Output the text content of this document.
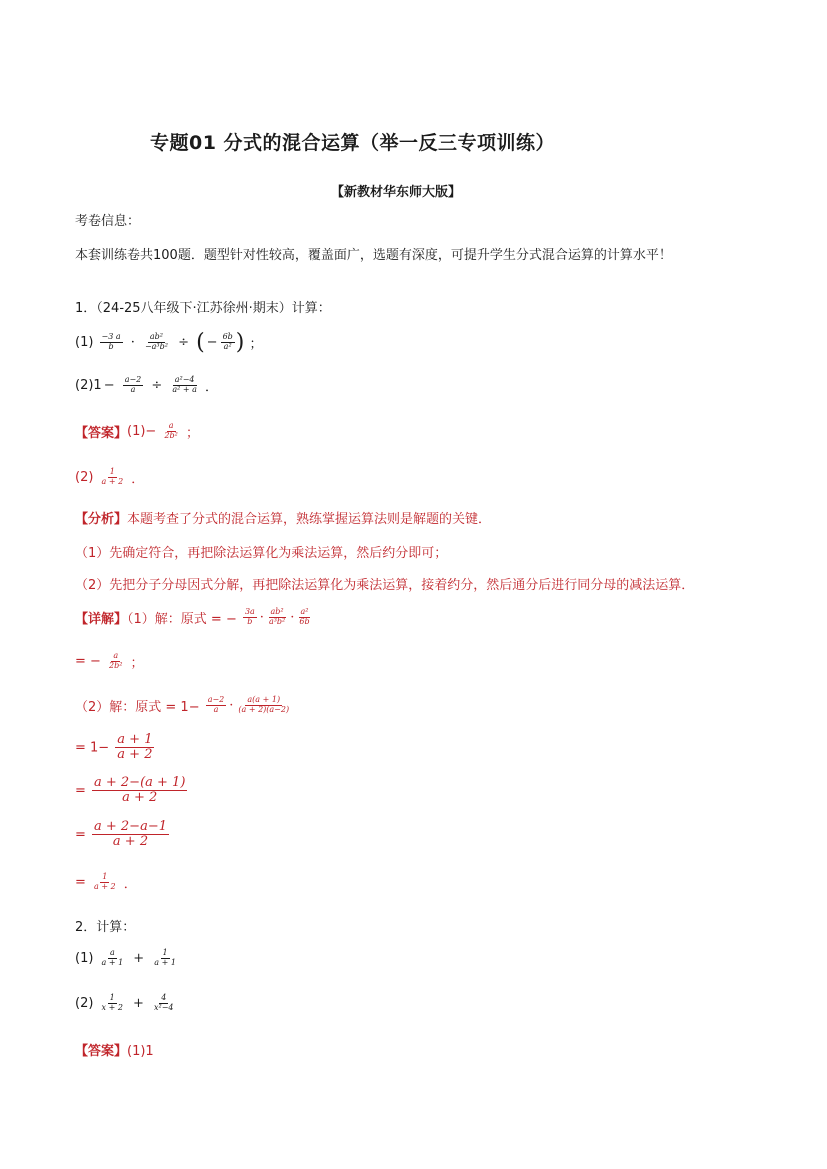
专题01 分式的混合运算（举一反三专项训练）
【新教材华东师大版】
考卷信息：
本套训练卷共100题．题型针对性较高，覆盖面广，选题有深度，可提升学生分式混合运算的计算水平！
1．（24-25八年级下·江苏徐州·期末）计算：
$(1) \frac{-3 a}{b} \cdot \frac{\text{ab²}}{\text{−a³b²}}$ ÷ ( − $\frac{6b}{\text{a²}}$ ) ；
$(2)1 - \frac{a-2}{a} \div \frac{\text{a²−4}}{\text{a² + a}}$ ．
【答案】$(1)- \frac{a}{\text{2b²}}$ ；
$(2) \frac{1}{a + 2}$ ．
【分析】本题考查了分式的混合运算，熟练掌握运算法则是解题的关键．
（1）先确定符合，再把除法运算化为乘法运算，然后约分即可；
（2）先把分子分母因式分解，再把除法运算化为乘法运算，接着约分，然后通分后进行同分母的减法运算．
【详解】（1）解：原式 = − $\frac{3a}{b} \cdot \frac{\text{ab²}}{\text{a³b²}} \cdot \frac{\text{a²}}{6b}$
= − $\frac{a}{\text{2b²}}$ ；
（2）解：原式 = $1- \frac{a-2}{a} \cdot \frac{a(a + 1)}{(a + 2)(a-2)}$
= $1- \frac{a + 1}{a + 2}$
= $\frac{a + 2-(a + 1)}{a + 2}$
= $\frac{a + 2-a-1}{a + 2}$
= $\frac{1}{a + 2}$ ．
2．计算：
$(1) \frac{a}{a + 1} + \frac{1}{a + 1}$
$(2) \frac{1}{x + 2} + \frac{4}{\text{x²−4}}$
【答案】(1)1
